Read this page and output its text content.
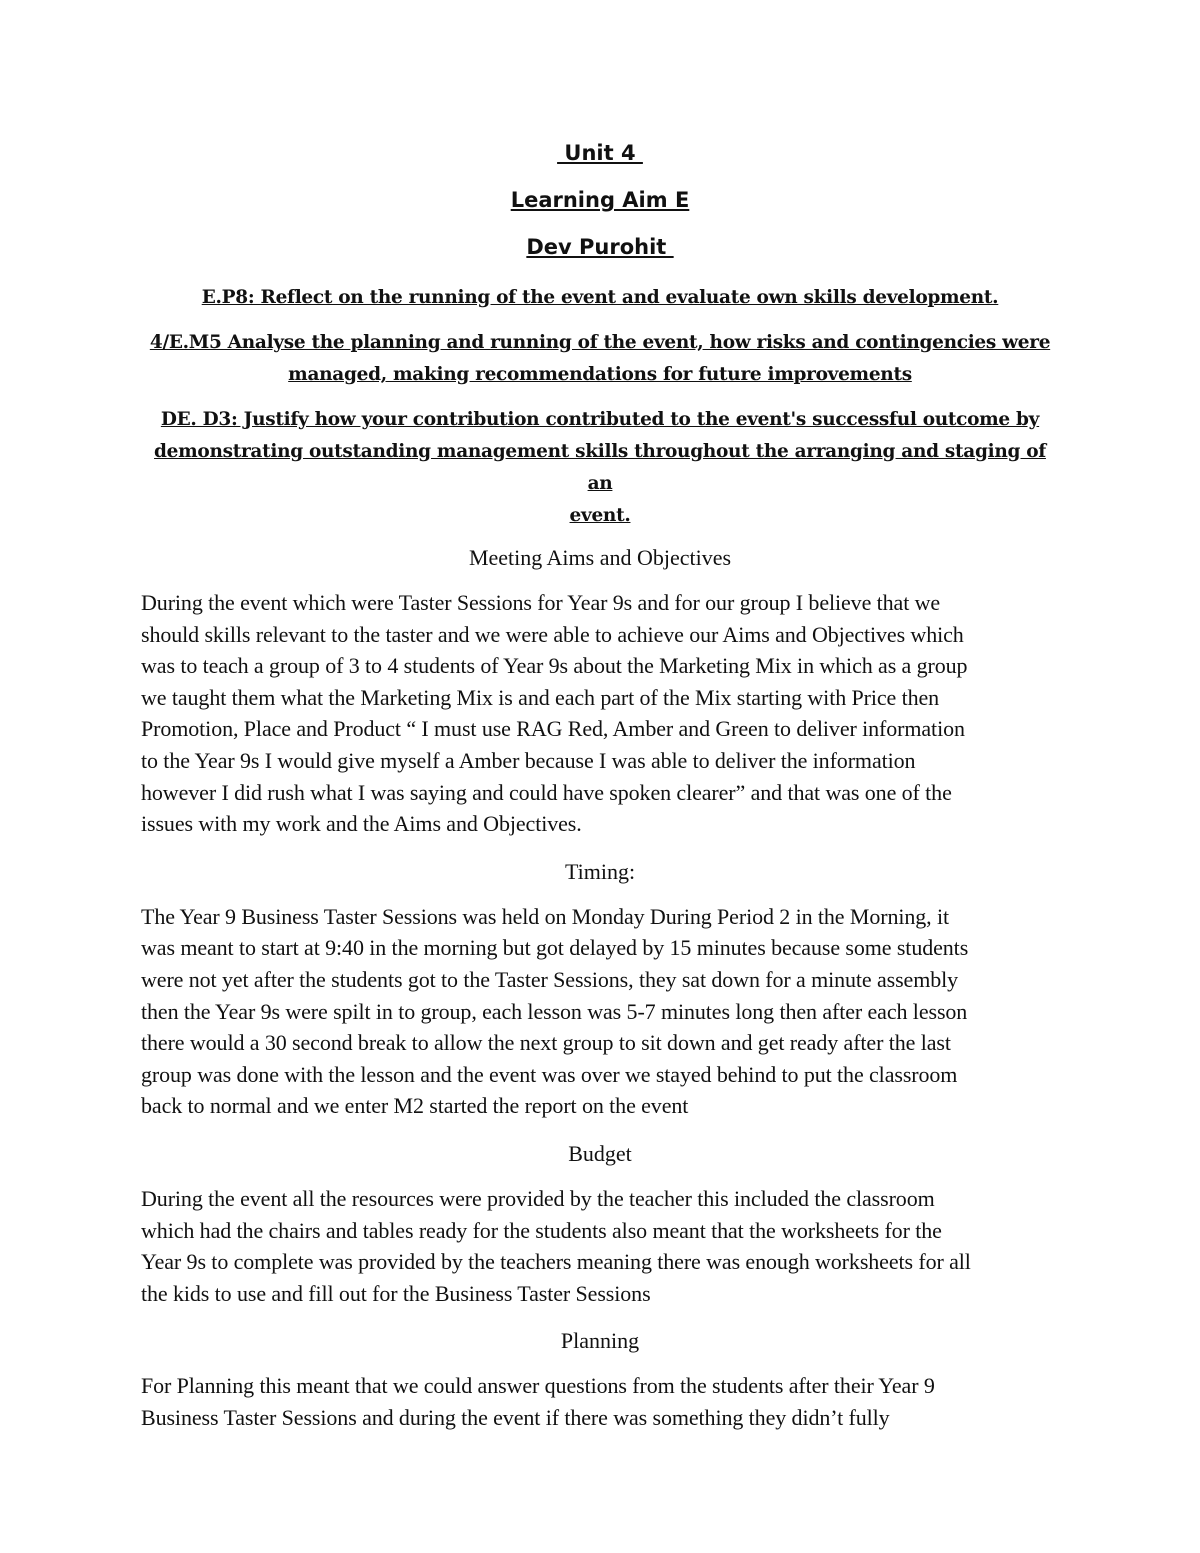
Unit 4
Learning Aim E
Dev Purohit
E.P8: Reflect on the running of the event and evaluate own skills development.
4/E.M5 Analyse the planning and running of the event, how risks and contingencies were
managed, making recommendations for future improvements
DE. D3: Justify how your contribution contributed to the event's successful outcome by
demonstrating outstanding management skills throughout the arranging and staging of an
event.
Meeting Aims and Objectives
During the event which were Taster Sessions for Year 9s and for our group I believe that we
should skills relevant to the taster and we were able to achieve our Aims and Objectives which
was to teach a group of 3 to 4 students of Year 9s about the Marketing Mix in which as a group
we taught them what the Marketing Mix is and each part of the Mix starting with Price then
Promotion, Place and Product “ I must use RAG Red, Amber and Green to deliver information
to the Year 9s I would give myself a Amber because I was able to deliver the information
however I did rush what I was saying and could have spoken clearer” and that was one of the
issues with my work and the Aims and Objectives.
Timing:
The Year 9 Business Taster Sessions was held on Monday During Period 2 in the Morning, it
was meant to start at 9:40 in the morning but got delayed by 15 minutes because some students
were not yet after the students got to the Taster Sessions, they sat down for a minute assembly
then the Year 9s were spilt in to group, each lesson was 5-7 minutes long then after each lesson
there would a 30 second break to allow the next group to sit down and get ready after the last
group was done with the lesson and the event was over we stayed behind to put the classroom
back to normal and we enter M2 started the report on the event
Budget
During the event all the resources were provided by the teacher this included the classroom
which had the chairs and tables ready for the students also meant that the worksheets for the
Year 9s to complete was provided by the teachers meaning there was enough worksheets for all
the kids to use and fill out for the Business Taster Sessions
Planning
For Planning this meant that we could answer questions from the students after their Year 9
Business Taster Sessions and during the event if there was something they didn’t fully
